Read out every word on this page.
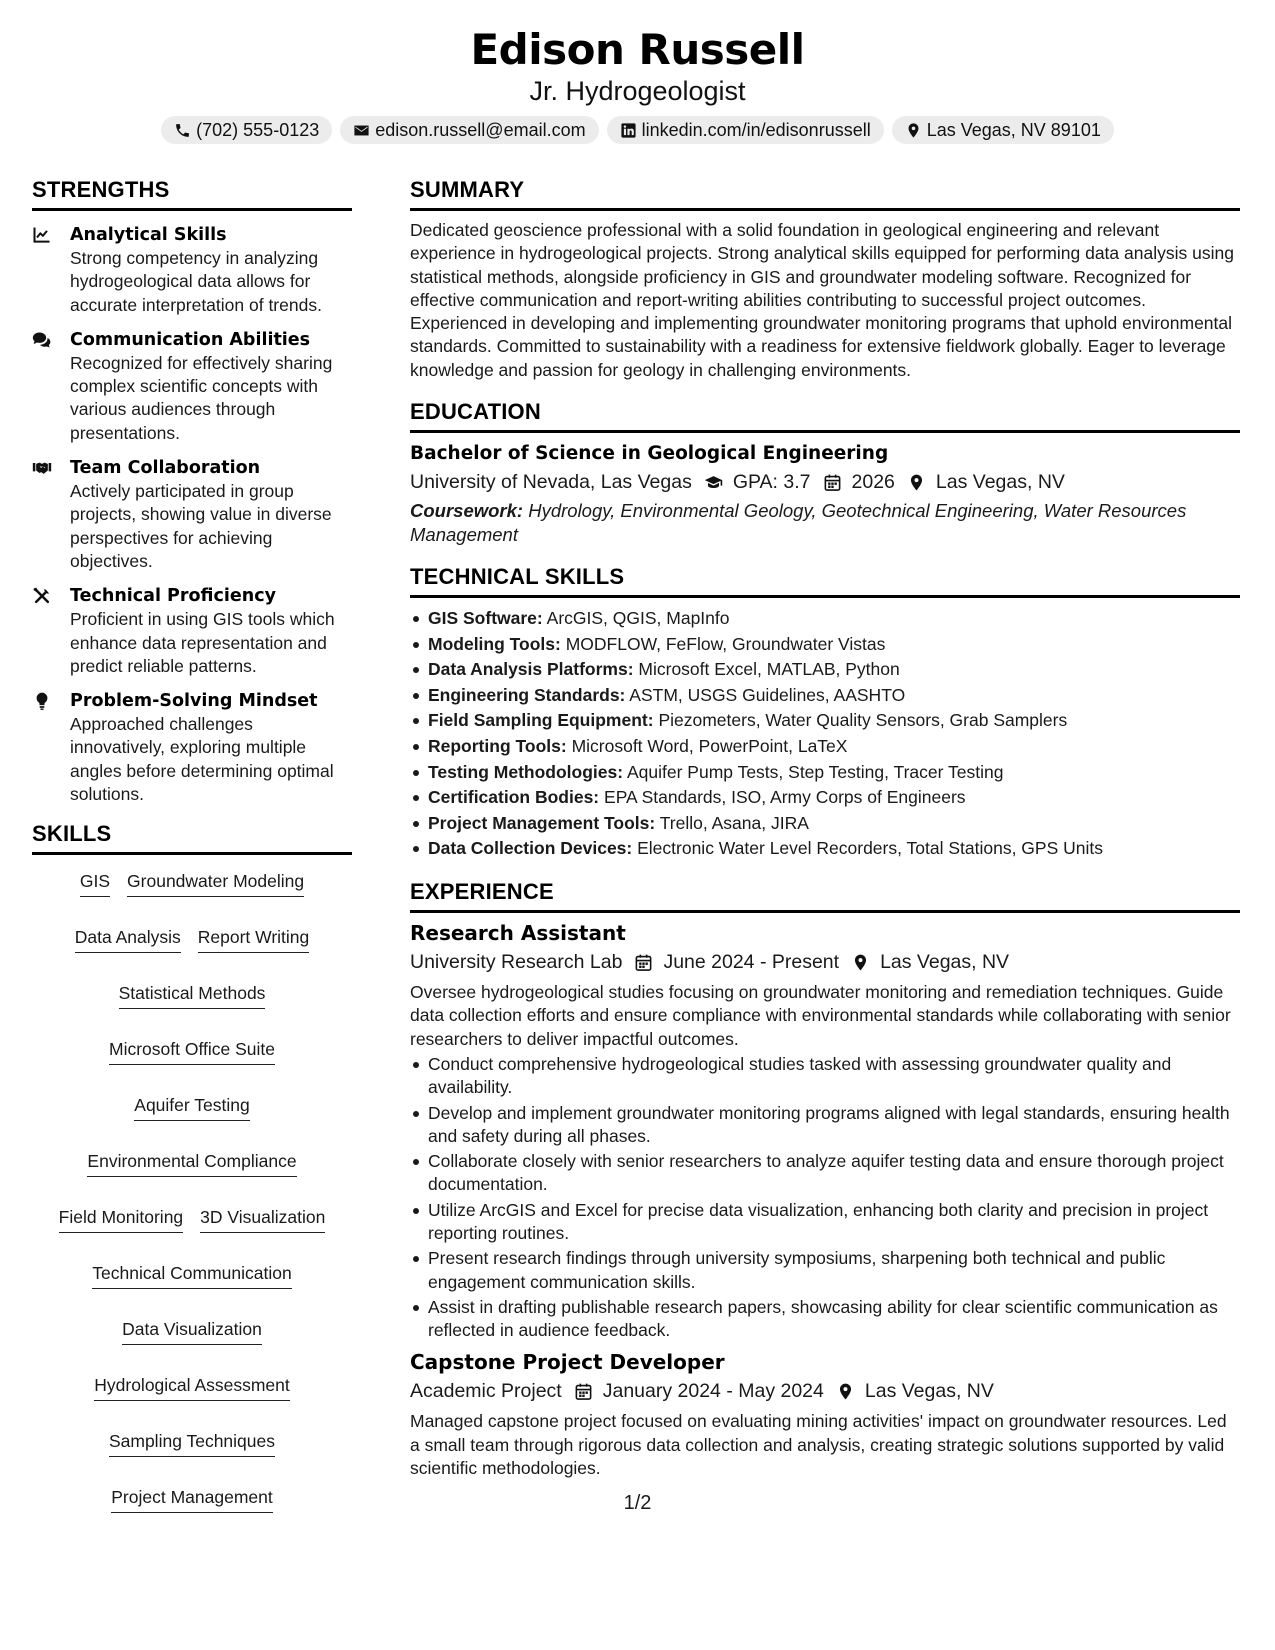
Edison Russell
Jr. Hydrogeologist
(702) 555-0123	edison.russell@email.com	linkedin.com/in/edisonrussell	Las Vegas, NV 89101
STRENGTHS
Analytical Skills
Strong competency in analyzing hydrogeological data allows for accurate interpretation of trends.
Communication Abilities
Recognized for effectively sharing complex scientific concepts with various audiences through presentations.
Team Collaboration
Actively participated in group projects, showing value in diverse perspectives for achieving objectives.
Technical Proficiency
Proficient in using GIS tools which enhance data representation and predict reliable patterns.
Problem-Solving Mindset
Approached challenges innovatively, exploring multiple angles before determining optimal solutions.
SKILLS
GIS Groundwater Modeling
Data Analysis Report Writing
Statistical Methods
Microsoft Office Suite
Aquifer Testing
Environmental Compliance
Field Monitoring 3D Visualization
Technical Communication
Data Visualization
Hydrological Assessment
Sampling Techniques
Project Management
SUMMARY
Dedicated geoscience professional with a solid foundation in geological engineering and relevant experience in hydrogeological projects. Strong analytical skills equipped for performing data analysis using statistical methods, alongside proficiency in GIS and groundwater modeling software. Recognized for effective communication and report-writing abilities contributing to successful project outcomes. Experienced in developing and implementing groundwater monitoring programs that uphold environmental standards. Committed to sustainability with a readiness for extensive fieldwork globally. Eager to leverage knowledge and passion for geology in challenging environments.
EDUCATION
Bachelor of Science in Geological Engineering
University of Nevada, Las Vegas GPA: 3.7 2026 Las Vegas, NV
Coursework: Hydrology, Environmental Geology, Geotechnical Engineering, Water Resources Management
TECHNICAL SKILLS
GIS Software: ArcGIS, QGIS, MapInfo
Modeling Tools: MODFLOW, FeFlow, Groundwater Vistas
Data Analysis Platforms: Microsoft Excel, MATLAB, Python
Engineering Standards: ASTM, USGS Guidelines, AASHTO
Field Sampling Equipment: Piezometers, Water Quality Sensors, Grab Samplers
Reporting Tools: Microsoft Word, PowerPoint, LaTeX
Testing Methodologies: Aquifer Pump Tests, Step Testing, Tracer Testing
Certification Bodies: EPA Standards, ISO, Army Corps of Engineers
Project Management Tools: Trello, Asana, JIRA
Data Collection Devices: Electronic Water Level Recorders, Total Stations, GPS Units
EXPERIENCE
Research Assistant
University Research Lab June 2024 - Present Las Vegas, NV
Oversee hydrogeological studies focusing on groundwater monitoring and remediation techniques. Guide data collection efforts and ensure compliance with environmental standards while collaborating with senior researchers to deliver impactful outcomes.
Conduct comprehensive hydrogeological studies tasked with assessing groundwater quality and availability.
Develop and implement groundwater monitoring programs aligned with legal standards, ensuring health and safety during all phases.
Collaborate closely with senior researchers to analyze aquifer testing data and ensure thorough project documentation.
Utilize ArcGIS and Excel for precise data visualization, enhancing both clarity and precision in project reporting routines.
Present research findings through university symposiums, sharpening both technical and public engagement communication skills.
Assist in drafting publishable research papers, showcasing ability for clear scientific communication as reflected in audience feedback.
Capstone Project Developer
Academic Project January 2024 - May 2024 Las Vegas, NV
Managed capstone project focused on evaluating mining activities' impact on groundwater resources. Led a small team through rigorous data collection and analysis, creating strategic solutions supported by valid scientific methodologies.
1/2
